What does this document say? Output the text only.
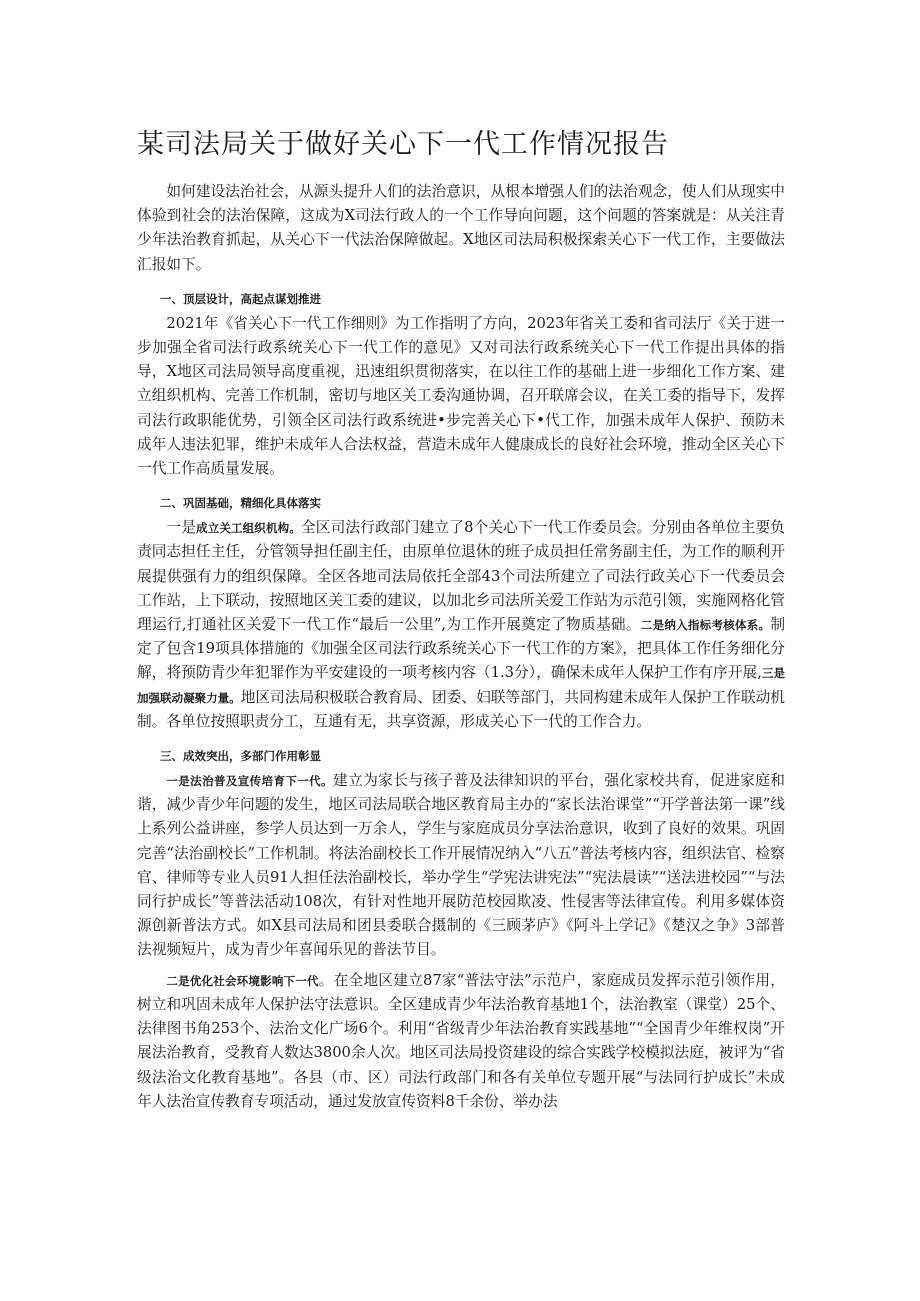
某司法局关于做好关心下一代工作情况报告

如何建设法治社会，从源头提升人们的法治意识，从根本增强人们的法治观念，使人们从现实中体验到社会的法治保障，这成为X司法行政人的一个工作导向问题，这个问题的答案就是：从关注青少年法治教育抓起，从关心下一代法治保障做起。X地区司法局积极探索关心下一代工作，主要做法汇报如下。

一、顶层设计，高起点谋划推进

2021年《省关心下一代工作细则》为工作指明了方向，2023年省关工委和省司法厅《关于进一步加强全省司法行政系统关心下一代工作的意见》又对司法行政系统关心下一代工作提出具体的指导，X地区司法局领导高度重视，迅速组织贯彻落实，在以往工作的基础上进一步细化工作方案、建立组织机构、完善工作机制，密切与地区关工委沟通协调，召开联席会议，在关工委的指导下，发挥司法行政职能优势，引领全区司法行政系统进•步完善关心下•代工作，加强未成年人保护、预防未成年人违法犯罪，维护未成年人合法权益，营造未成年人健康成长的良好社会环境，推动全区关心下一代工作高质量发展。

二、巩固基础，精细化具体落实

一是成立关工组织机构。全区司法行政部门建立了8个关心下一代工作委员会。分别由各单位主要负责同志担任主任，分管领导担任副主任，由原单位退休的班子成员担任常务副主任，为工作的顺利开展提供强有力的组织保障。全区各地司法局依托全部43个司法所建立了司法行政关心下一代委员会工作站，上下联动，按照地区关工委的建议，以加北乡司法所关爱工作站为示范引领，实施网格化管理运行,打通社区关爱下一代工作“最后一公里”,为工作开展奠定了物质基础。二是纳入指标考核体系。制定了包含19项具体措施的《加强全区司法行政系统关心下一代工作的方案》，把具体工作任务细化分解，将预防青少年犯罪作为平安建设的一项考核内容（1.3分），确保未成年人保护工作有序开展,三是加强联动凝聚力量。地区司法局积极联合教育局、团委、妇联等部门，共同构建未成年人保护工作联动机制。各单位按照职责分工，互通有无，共享资源，形成关心下一代的工作合力。

三、成效突出，多部门作用彰显

一是法治普及宣传培育下一代。建立为家长与孩子普及法律知识的平台，强化家校共育，促进家庭和谐，减少青少年问题的发生，地区司法局联合地区教育局主办的“家长法治课堂”“开学普法第一课”线上系列公益讲座，参学人员达到一万余人，学生与家庭成员分享法治意识，收到了良好的效果。巩固完善“法治副校长”工作机制。将法治副校长工作开展情况纳入“八五”普法考核内容，组织法官、检察官、律师等专业人员91人担任法治副校长，举办学生“学宪法讲宪法”“宪法晨读”“送法进校园”“与法同行护成长”等普法活动108次，有针对性地开展防范校园欺凌、性侵害等法律宣传。利用多媒体资源创新普法方式。如X县司法局和团县委联合摄制的《三顾茅庐》《阿斗上学记》《楚汉之争》3部普法视频短片，成为青少年喜闻乐见的普法节目。

二是优化社会环境影响下一代。在全地区建立87家“普法守法”示范户，家庭成员发挥示范引领作用，树立和巩固未成年人保护法守法意识。全区建成青少年法治教育基地1个，法治教室（课堂）25个、法律图书角253个、法治文化广场6个。利用“省级青少年法治教育实践基地”“全国青少年维权岗”开展法治教育，受教育人数达3800余人次。地区司法局投资建设的综合实践学校模拟法庭，被评为“省级法治文化教育基地”。各县（市、区）司法行政部门和各有关单位专题开展“与法同行护成长”未成年人法治宣传教育专项活动，通过发放宣传资料8千余份、举办法
